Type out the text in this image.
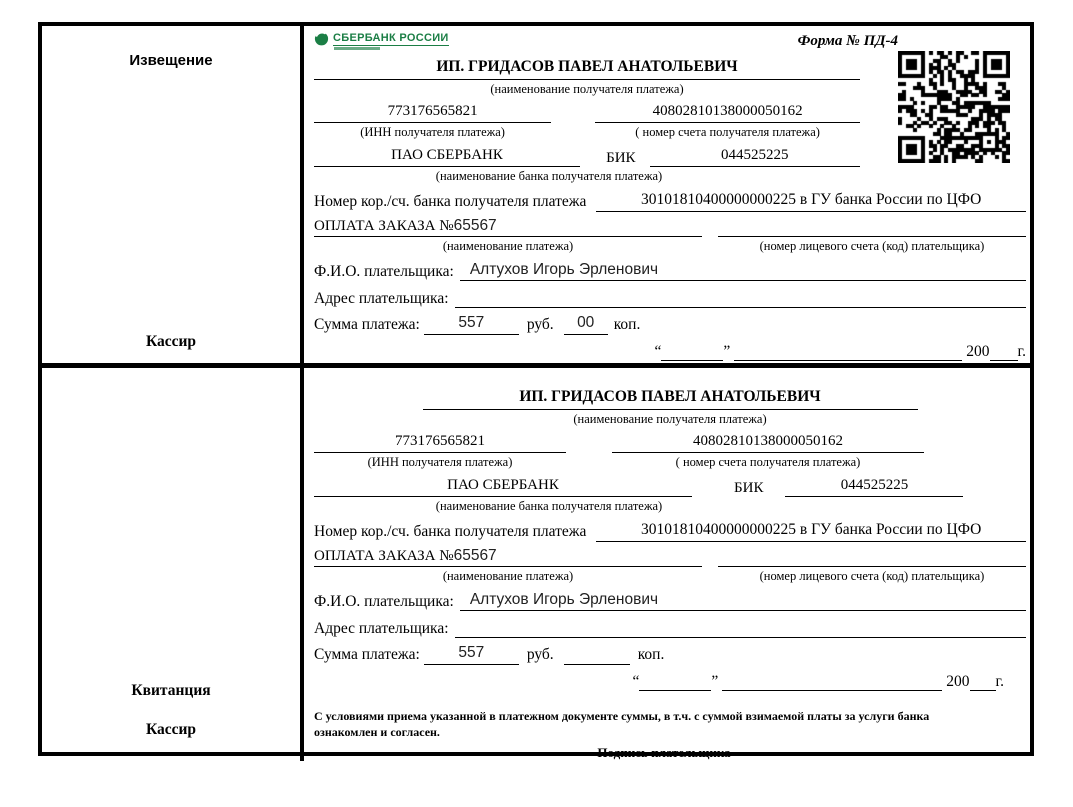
Извещение
Кассир
СБЕРБАНК РОССИИ	Форма № ПД-4
ИП. ГРИДАСОВ ПАВЕЛ АНАТОЛЬЕВИЧ
(наименование получателя платежа)
773176565821
(ИНН получателя платежа)
40802810138000050162
( номер счета получателя платежа)
ПАО СБЕРБАНК	БИК	044525225
(наименование банка получателя платежа)
Номер кор./сч. банка получателя платежа	30101810400000000225 в ГУ банка России по ЦФО
ОПЛАТА ЗАКАЗА №65567
(наименование платежа)	(номер лицевого счета (код) плательщика)
Ф.И.О. плательщика:	Алтухов Игорь Эрленович
Адрес плательщика:
Сумма платежа:	557	руб.	00	коп.
“	”	200 г.
Квитанция
Кассир
ИП. ГРИДАСОВ ПАВЕЛ АНАТОЛЬЕВИЧ
(наименование получателя платежа)
773176565821
(ИНН получателя платежа)
40802810138000050162
( номер счета получателя платежа)
ПАО СБЕРБАНК	БИК	044525225
(наименование банка получателя платежа)
Номер кор./сч. банка получателя платежа	30101810400000000225 в ГУ банка России по ЦФО
ОПЛАТА ЗАКАЗА №65567
(наименование платежа)	(номер лицевого счета (код) плательщика)
Ф.И.О. плательщика:	Алтухов Игорь Эрленович
Адрес плательщика:
Сумма платежа:	557	руб.	коп.
“	”	200 г.
С условиями приема указанной в платежном документе суммы, в т.ч. с суммой взимаемой платы за услуги банка
ознакомлен и согласен.
Подпись плательщика
